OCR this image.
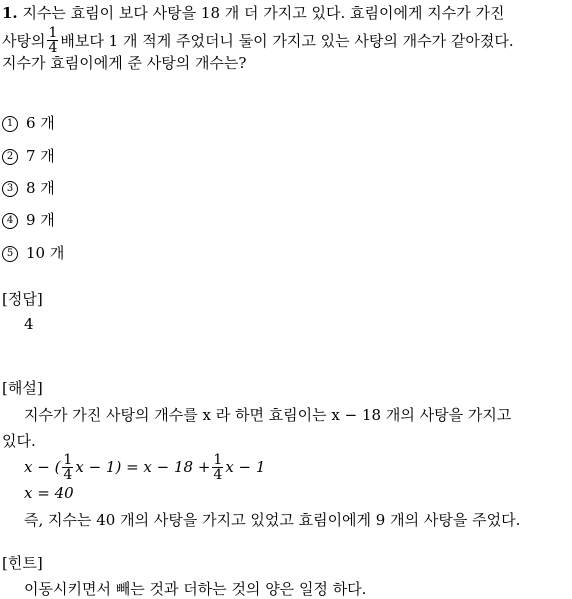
1. 지수는 효림이 보다 사탕을 18 개 더 가지고 있다. 효림이에게 지수가 가진
사탕의 $\frac{1}{4}$ 배보다 1 개 적게 주었더니 둘이 가지고 있는 사탕의 개수가 같아졌다.
지수가 효림이에게 준 사탕의 개수는?
1 6 개
2 7 개
3 8 개
4 9 개
5 10 개
[정답]
4
[해설]
지수가 가진 사탕의 개수를 x 라 하면 효림이는 x − 18 개의 사탕을 가지고
있다.
x − ( $\frac{1}{4}$ $x - 1) = x - 18 + \frac{1}{4}$ x − 1
x = 40
즉, 지수는 40 개의 사탕을 가지고 있었고 효림이에게 9 개의 사탕을 주었다.
[힌트]
이동시키면서 빼는 것과 더하는 것의 양은 일정 하다.
